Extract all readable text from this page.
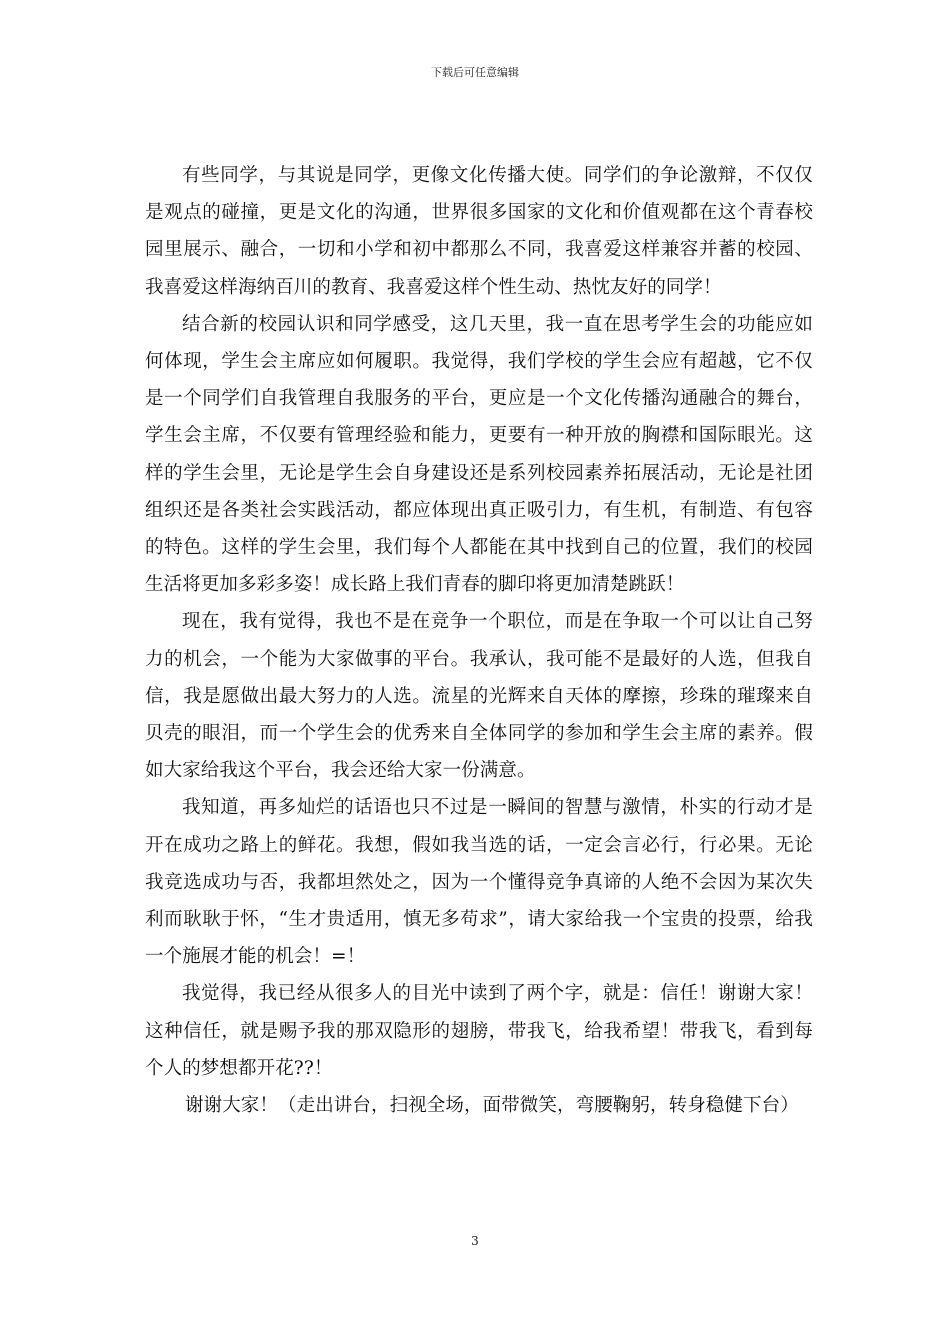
下载后可任意编辑

有些同学，与其说是同学，更像文化传播大使。同学们的争论激辩，不仅仅是观点的碰撞，更是文化的沟通，世界很多国家的文化和价值观都在这个青春校园里展示、融合，一切和小学和初中都那么不同，我喜爱这样兼容并蓄的校园、我喜爱这样海纳百川的教育、我喜爱这样个性生动、热忱友好的同学！

结合新的校园认识和同学感受，这几天里，我一直在思考学生会的功能应如何体现，学生会主席应如何履职。我觉得，我们学校的学生会应有超越，它不仅是一个同学们自我管理自我服务的平台，更应是一个文化传播沟通融合的舞台，学生会主席，不仅要有管理经验和能力，更要有一种开放的胸襟和国际眼光。这样的学生会里，无论是学生会自身建设还是系列校园素养拓展活动，无论是社团组织还是各类社会实践活动，都应体现出真正吸引力，有生机，有制造、有包容的特色。这样的学生会里，我们每个人都能在其中找到自己的位置，我们的校园生活将更加多彩多姿！成长路上我们青春的脚印将更加清楚跳跃！

现在，我有觉得，我也不是在竞争一个职位，而是在争取一个可以让自己努力的机会，一个能为大家做事的平台。我承认，我可能不是最好的人选，但我自信，我是愿做出最大努力的人选。流星的光辉来自天体的摩擦，珍珠的璀璨来自贝壳的眼泪，而一个学生会的优秀来自全体同学的参加和学生会主席的素养。假如大家给我这个平台，我会还给大家一份满意。

我知道，再多灿烂的话语也只不过是一瞬间的智慧与激情，朴实的行动才是开在成功之路上的鲜花。我想，假如我当选的话，一定会言必行，行必果。无论我竞选成功与否，我都坦然处之，因为一个懂得竞争真谛的人绝不会因为某次失利而耿耿于怀，“生才贵适用，慎无多苟求”，请大家给我一个宝贵的投票，给我一个施展才能的机会！=！

我觉得，我已经从很多人的目光中读到了两个字，就是：信任！谢谢大家！这种信任，就是赐予我的那双隐形的翅膀，带我飞，给我希望！带我飞，看到每个人的梦想都开花??！

谢谢大家！（走出讲台，扫视全场，面带微笑，弯腰鞠躬，转身稳健下台）

3
